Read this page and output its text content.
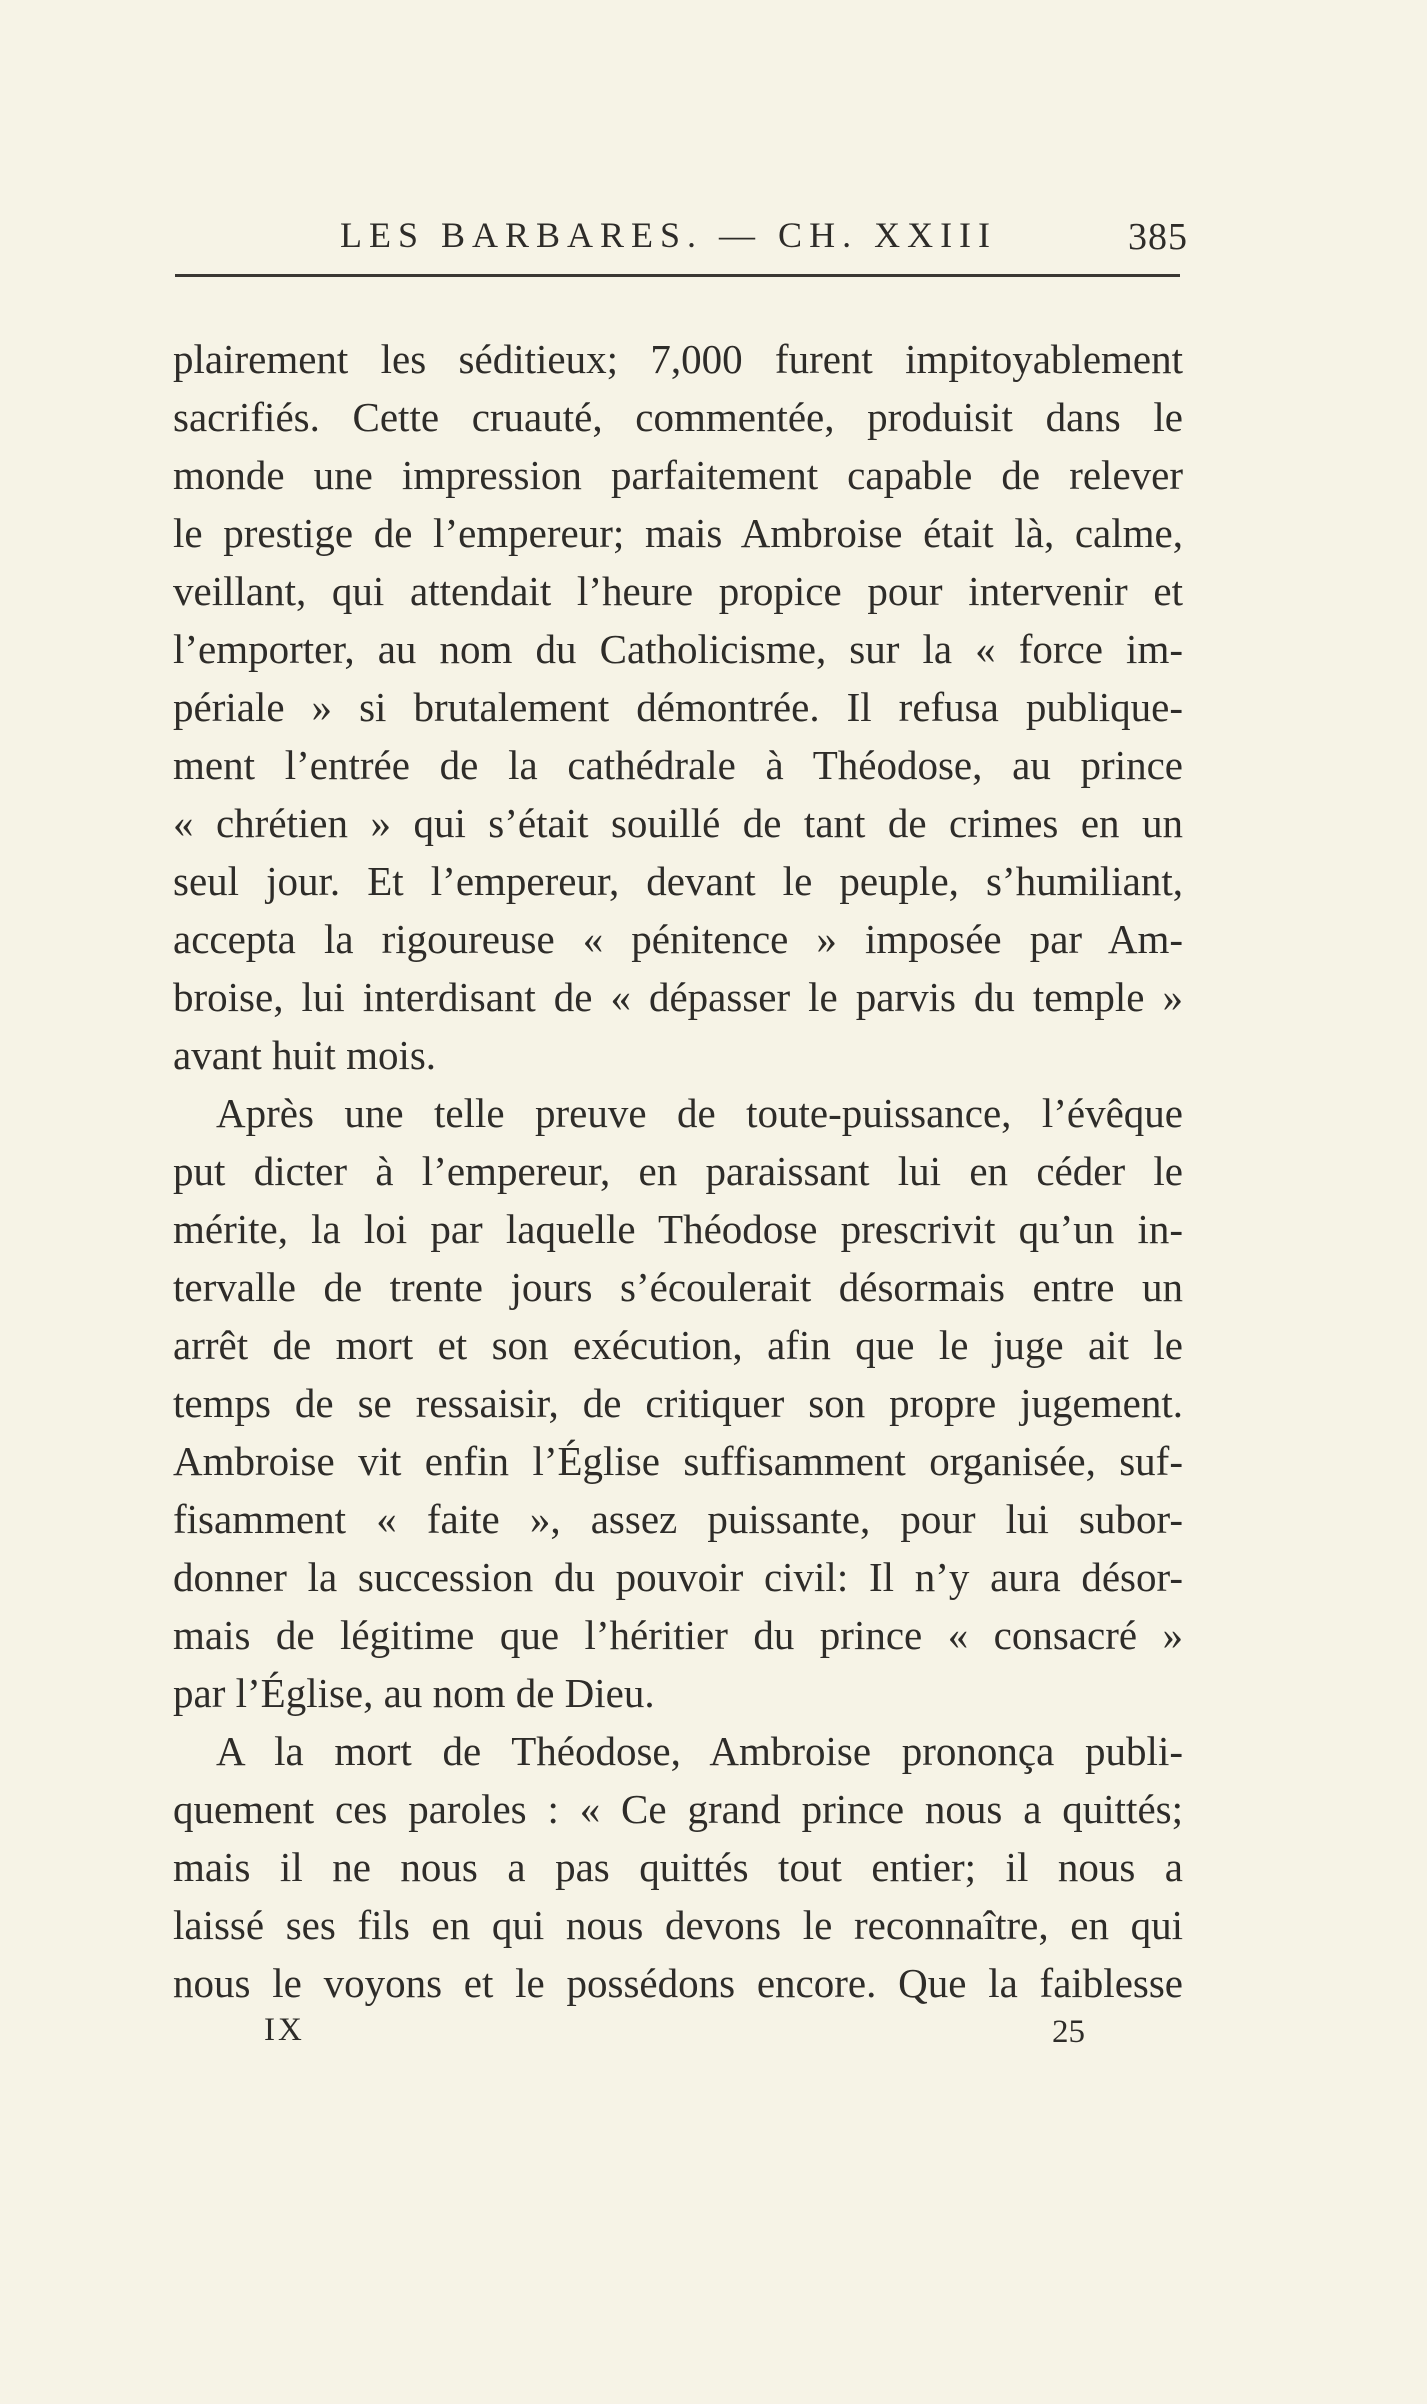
LES BARBARES. — CH. XXIII	385
plairement les séditieux; 7,000 furent impitoyablement
sacrifiés. Cette cruauté, commentée, produisit dans le
monde une impression parfaitement capable de relever
le prestige de l’empereur; mais Ambroise était là, calme,
veillant, qui attendait l’heure propice pour intervenir et
l’emporter, au nom du Catholicisme, sur la « force im-
périale » si brutalement démontrée. Il refusa publique-
ment l’entrée de la cathédrale à Théodose, au prince
« chrétien » qui s’était souillé de tant de crimes en un
seul jour. Et l’empereur, devant le peuple, s’humiliant,
accepta la rigoureuse « pénitence » imposée par Am-
broise, lui interdisant de « dépasser le parvis du temple »
avant huit mois.
Après une telle preuve de toute-puissance, l’évêque
put dicter à l’empereur, en paraissant lui en céder le
mérite, la loi par laquelle Théodose prescrivit qu’un in-
tervalle de trente jours s’écoulerait désormais entre un
arrêt de mort et son exécution, afin que le juge ait le
temps de se ressaisir, de critiquer son propre jugement.
Ambroise vit enfin l’Église suffisamment organisée, suf-
fisamment « faite », assez puissante, pour lui subor-
donner la succession du pouvoir civil: Il n’y aura désor-
mais de légitime que l’héritier du prince « consacré »
par l’Église, au nom de Dieu.
A la mort de Théodose, Ambroise prononça publi-
quement ces paroles : « Ce grand prince nous a quittés;
mais il ne nous a pas quittés tout entier; il nous a
laissé ses fils en qui nous devons le reconnaître, en qui
nous le voyons et le possédons encore. Que la faiblesse
IX	25
